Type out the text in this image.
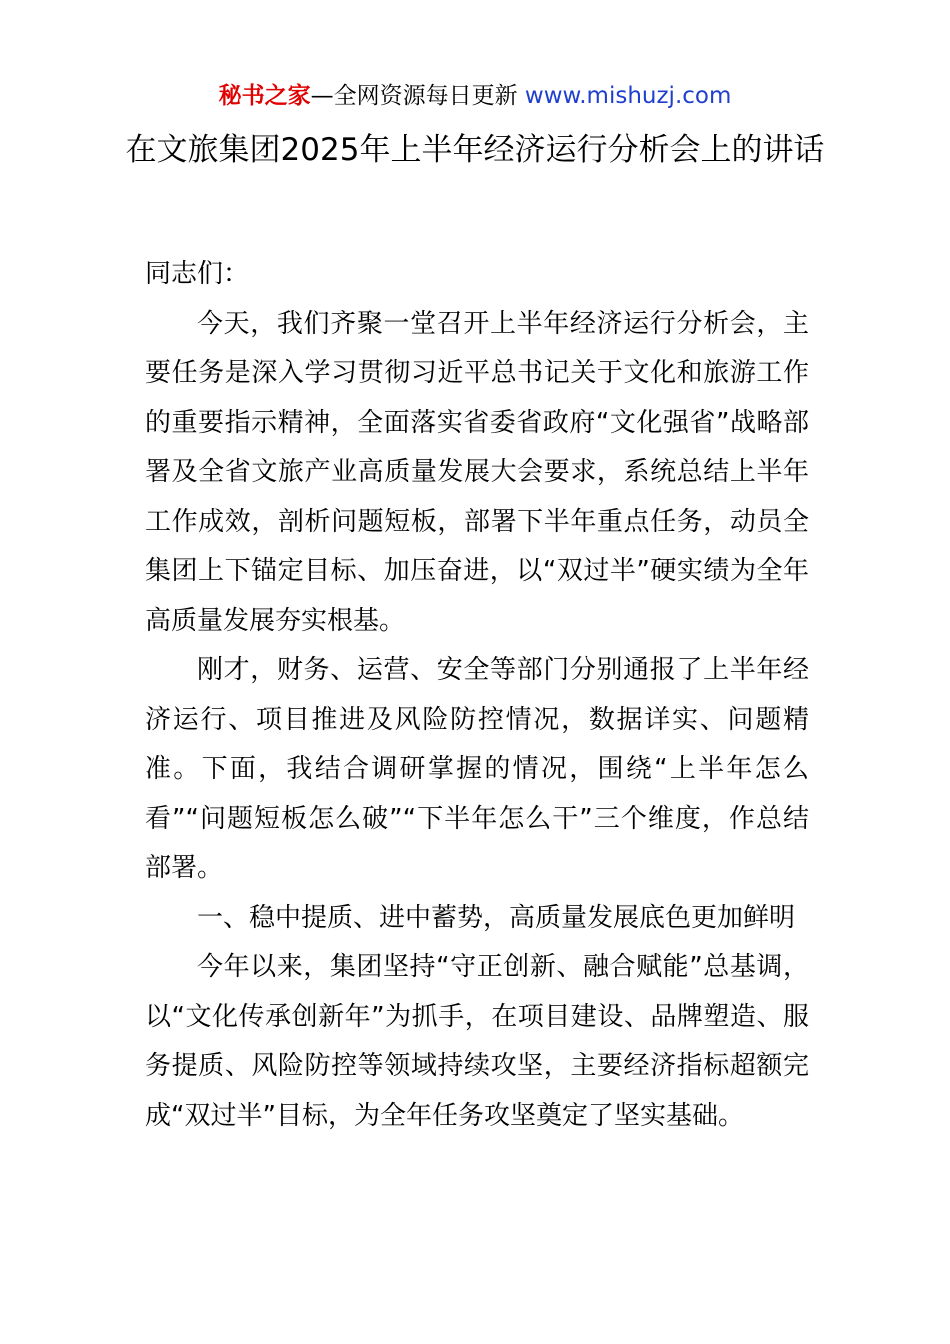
秘书之家—全网资源每日更新 www.mishuzj.com
在文旅集团2025年上半年经济运行分析会上的讲话

同志们：

今天，我们齐聚一堂召开上半年经济运行分析会，主要任务是深入学习贯彻习近平总书记关于文化和旅游工作的重要指示精神，全面落实省委省政府“文化强省”战略部署及全省文旅产业高质量发展大会要求，系统总结上半年工作成效，剖析问题短板，部署下半年重点任务，动员全集团上下锚定目标、加压奋进，以“双过半”硬实绩为全年高质量发展夯实根基。

刚才，财务、运营、安全等部门分别通报了上半年经济运行、项目推进及风险防控情况，数据详实、问题精准。下面，我结合调研掌握的情况，围绕“上半年怎么看”“问题短板怎么破”“下半年怎么干”三个维度，作总结部署。

一、稳中提质、进中蓄势，高质量发展底色更加鲜明

今年以来，集团坚持“守正创新、融合赋能”总基调，以“文化传承创新年”为抓手，在项目建设、品牌塑造、服务提质、风险防控等领域持续攻坚，主要经济指标超额完成“双过半”目标，为全年任务攻坚奠定了坚实基础。
